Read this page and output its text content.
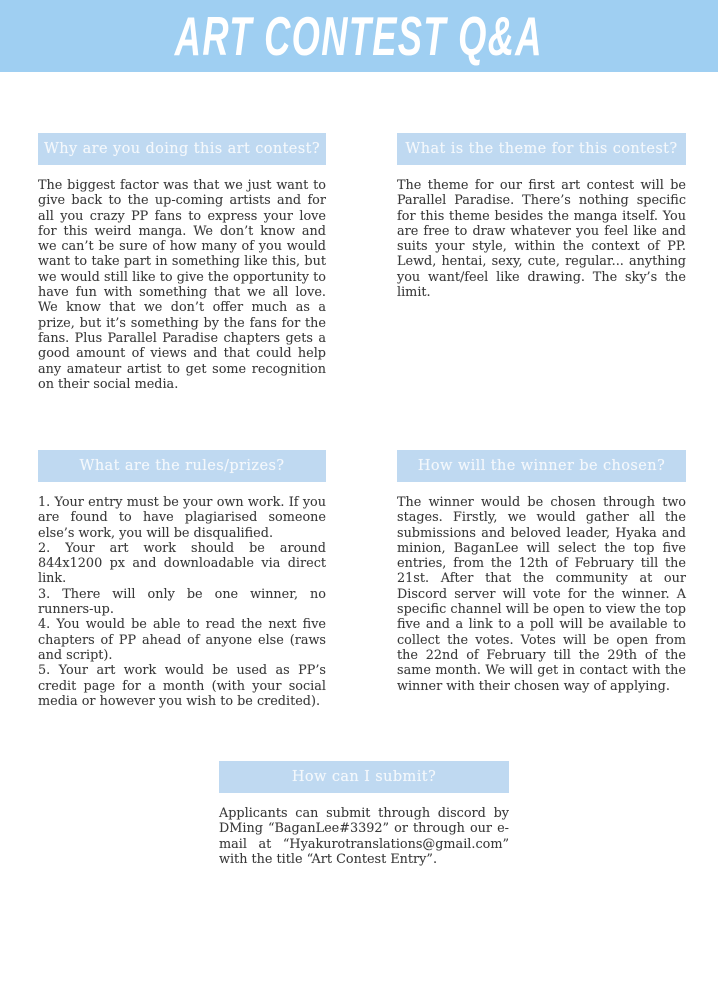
ART CONTEST Q&A
Why are you doing this art contest?
The biggest factor was that we just want to give back to the up-coming artists and for all you crazy PP fans to express your love for this weird manga. We don’t know and we can’t be sure of how many of you would want to take part in something like this, but we would still like to give the opportunity to have fun with something that we all love. We know that we don’t offer much as a prize, but it’s something by the fans for the fans. Plus Parallel Paradise chapters gets a good amount of views and that could help any amateur artist to get some recognition on their social media.
What is the theme for this contest?
The theme for our first art contest will be Parallel Paradise. There’s nothing specific for this theme besides the manga itself. You are free to draw whatever you feel like and suits your style, within the context of PP. Lewd, hentai, sexy, cute, regular... anything you want/feel like drawing. The sky’s the limit.
What are the rules/prizes?

1. Your entry must be your own work. If you are found to have plagiarised someone else’s work, you will be disqualified.

2. Your art work should be around 844x1200 px and downloadable via direct link.

3. There will only be one winner, no runners-up.

4. You would be able to read the next five chapters of PP ahead of anyone else (raws and script).

5. Your art work would be used as PP’s credit page for a month (with your social media or however you wish to be credited).

How will the winner be chosen?
The winner would be chosen through two stages. Firstly, we would gather all the submissions and beloved leader, Hyaka and minion, BaganLee will select the top five entries, from the 12th of February till the 21st. After that the community at our Discord server will vote for the winner. A specific channel will be open to view the top five and a link to a poll will be available to collect the votes. Votes will be open from the 22nd of February till the 29th of the same month. We will get in contact with the winner with their chosen way of applying.
How can I submit?
Applicants can submit through discord by DMing “BaganLee#3392” or through our e-mail at “Hyakurotranslations@gmail.com” with the title “Art Contest Entry”.
